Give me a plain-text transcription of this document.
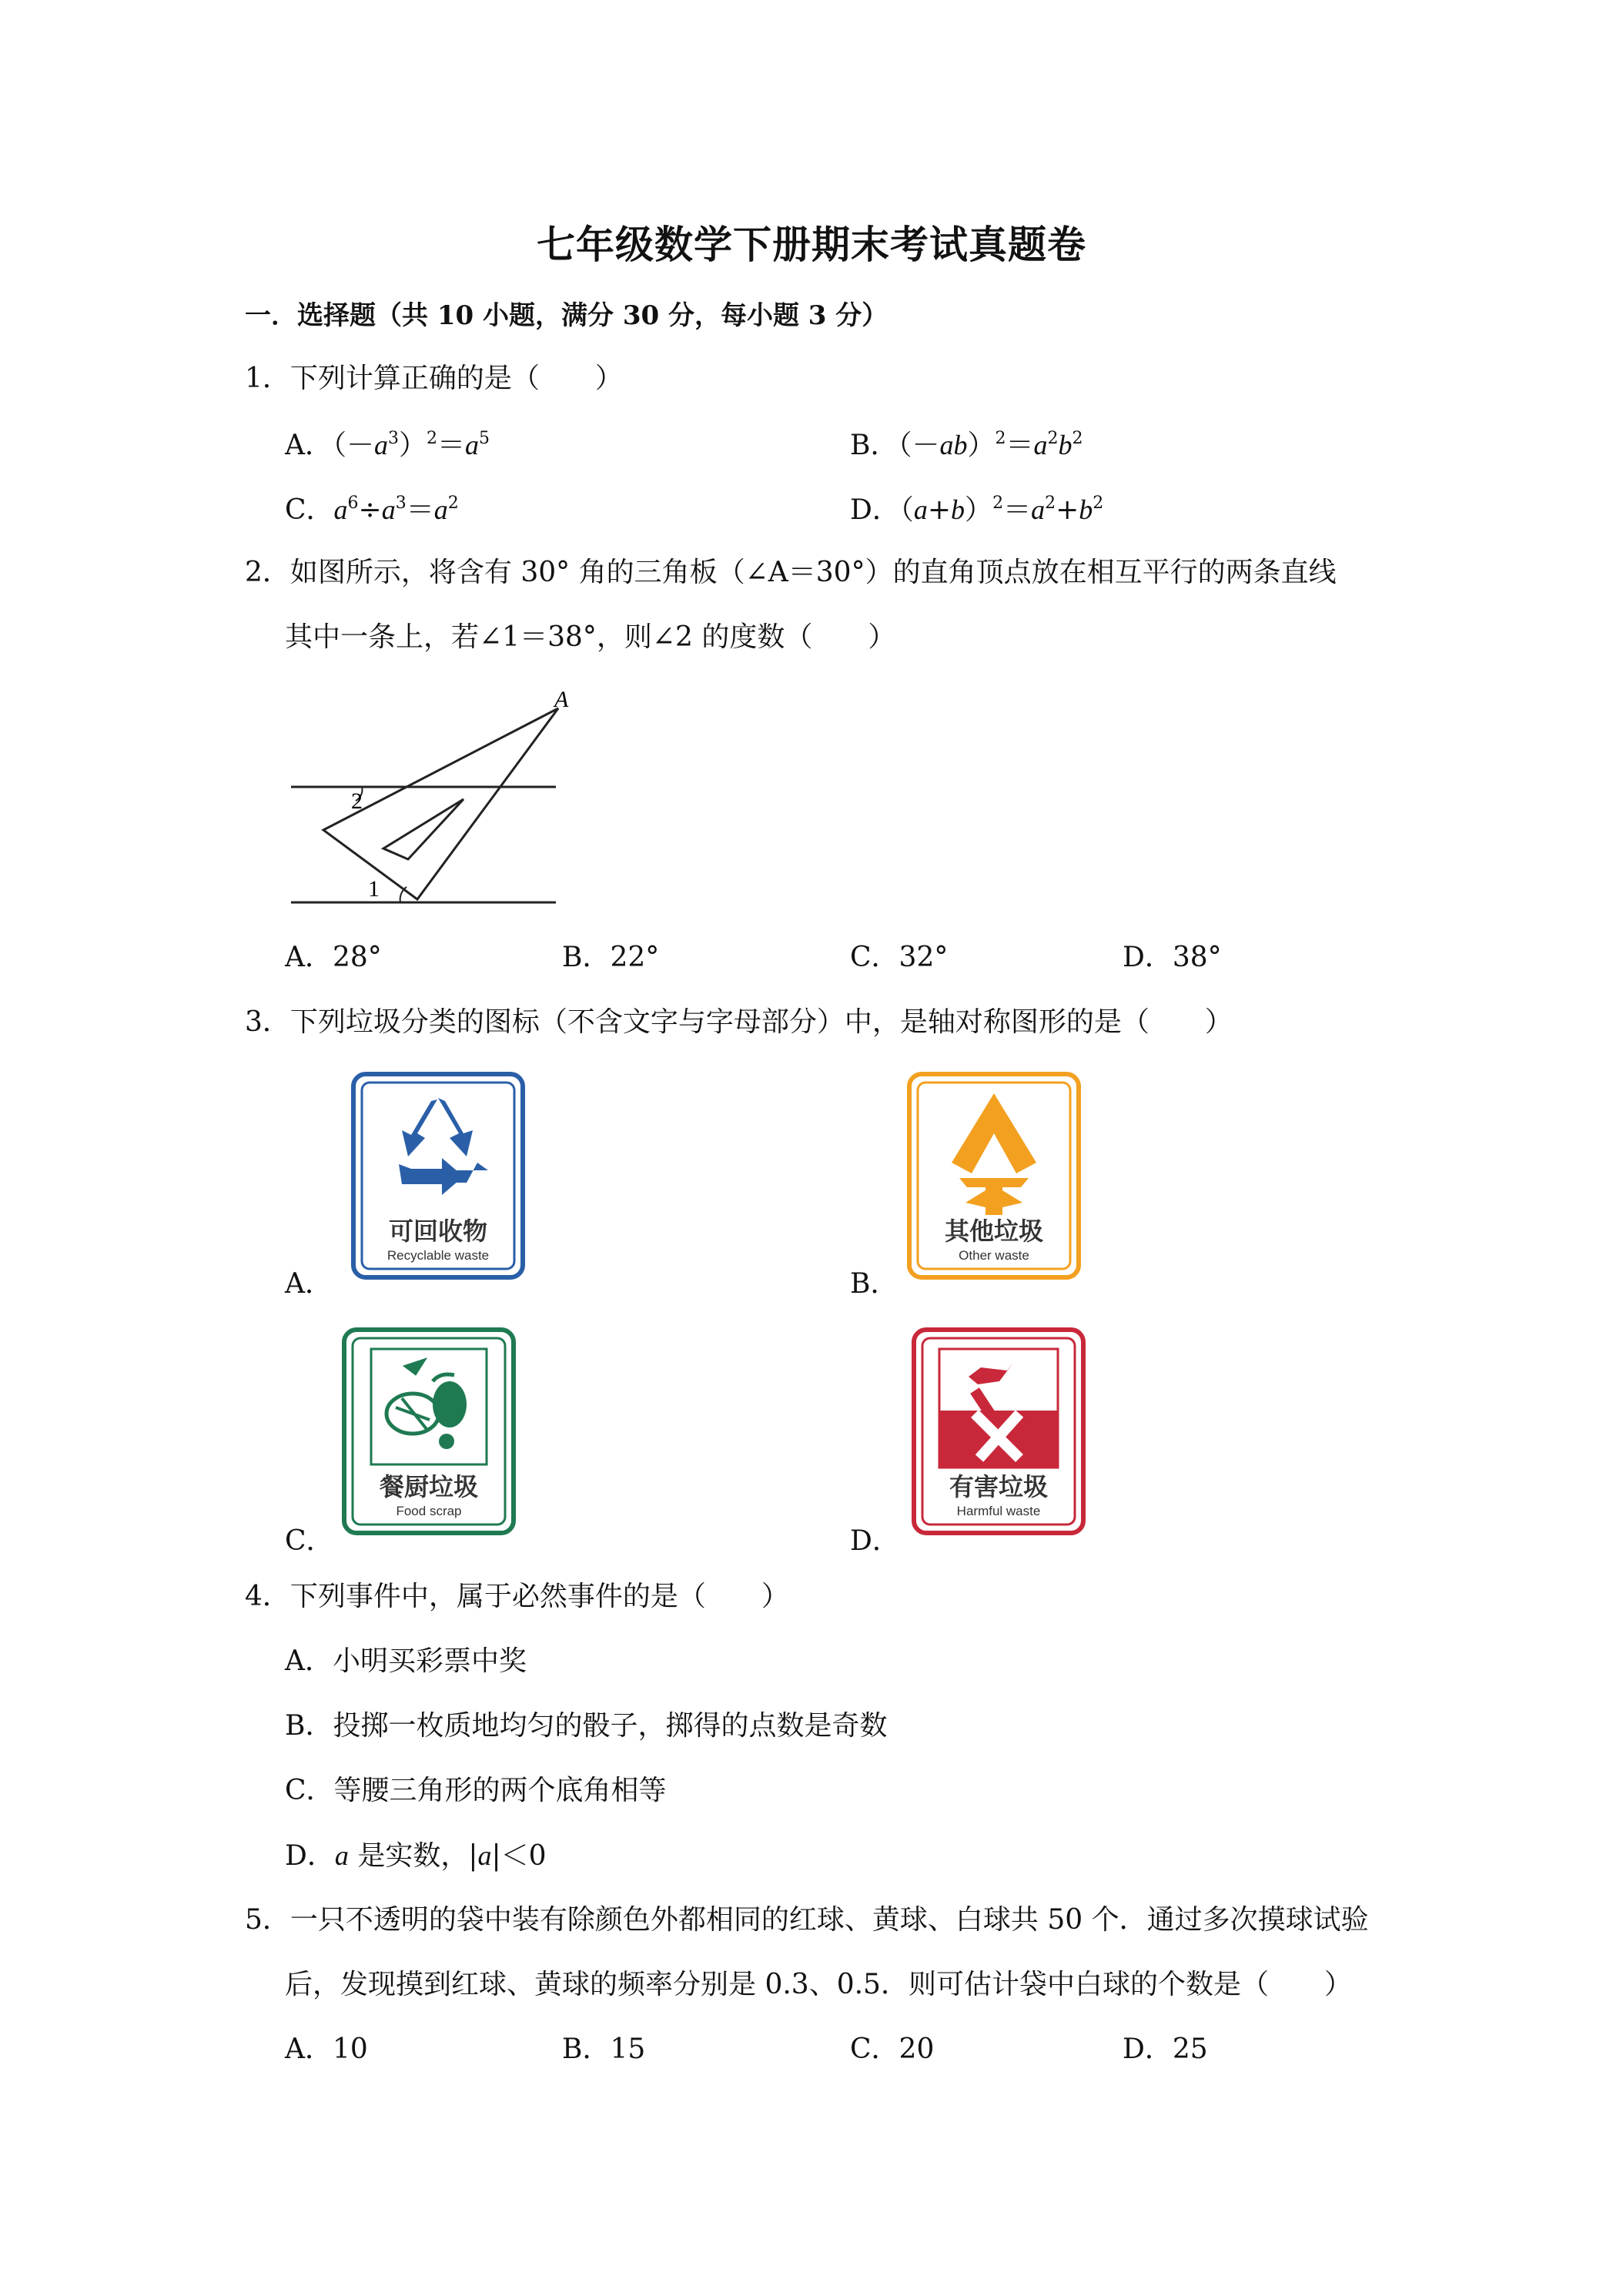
七年级数学下册期末考试真题卷
一．选择题（共 10 小题，满分 30 分，每小题 3 分）
1．下列计算正确的是（　　）
A．$(-a^3)^2=a^5$	B．$(-ab)^2=a^2b^2$
C．$a^6\div a^3=a^2$	D．$(a+b)^2=a^2+b^2$
2．如图所示，将含有 30° 角的三角板（∠A＝30°）的直角顶点放在相互平行的两条直线
其中一条上，若∠1＝38°，则∠2 的度数（　　）
A
2
1
A．28°	B．22°	C．32°	D．38°
3．下列垃圾分类的图标（不含文字与字母部分）中，是轴对称图形的是（　　）
A．	B．
C．	D．
可回收物
Recyclable waste
其他垃圾
Other waste
餐厨垃圾
Food scrap
有害垃圾
Harmful waste
4．下列事件中，属于必然事件的是（　　）
A．小明买彩票中奖
B．投掷一枚质地均匀的骰子，掷得的点数是奇数
C．等腰三角形的两个底角相等
D．a 是实数，|a|＜0
5．一只不透明的袋中装有除颜色外都相同的红球、黄球、白球共 50 个．通过多次摸球试验
后，发现摸到红球、黄球的频率分别是 0.3、0.5．则可估计袋中白球的个数是（　　）
A．10	B．15	C．20	D．25
